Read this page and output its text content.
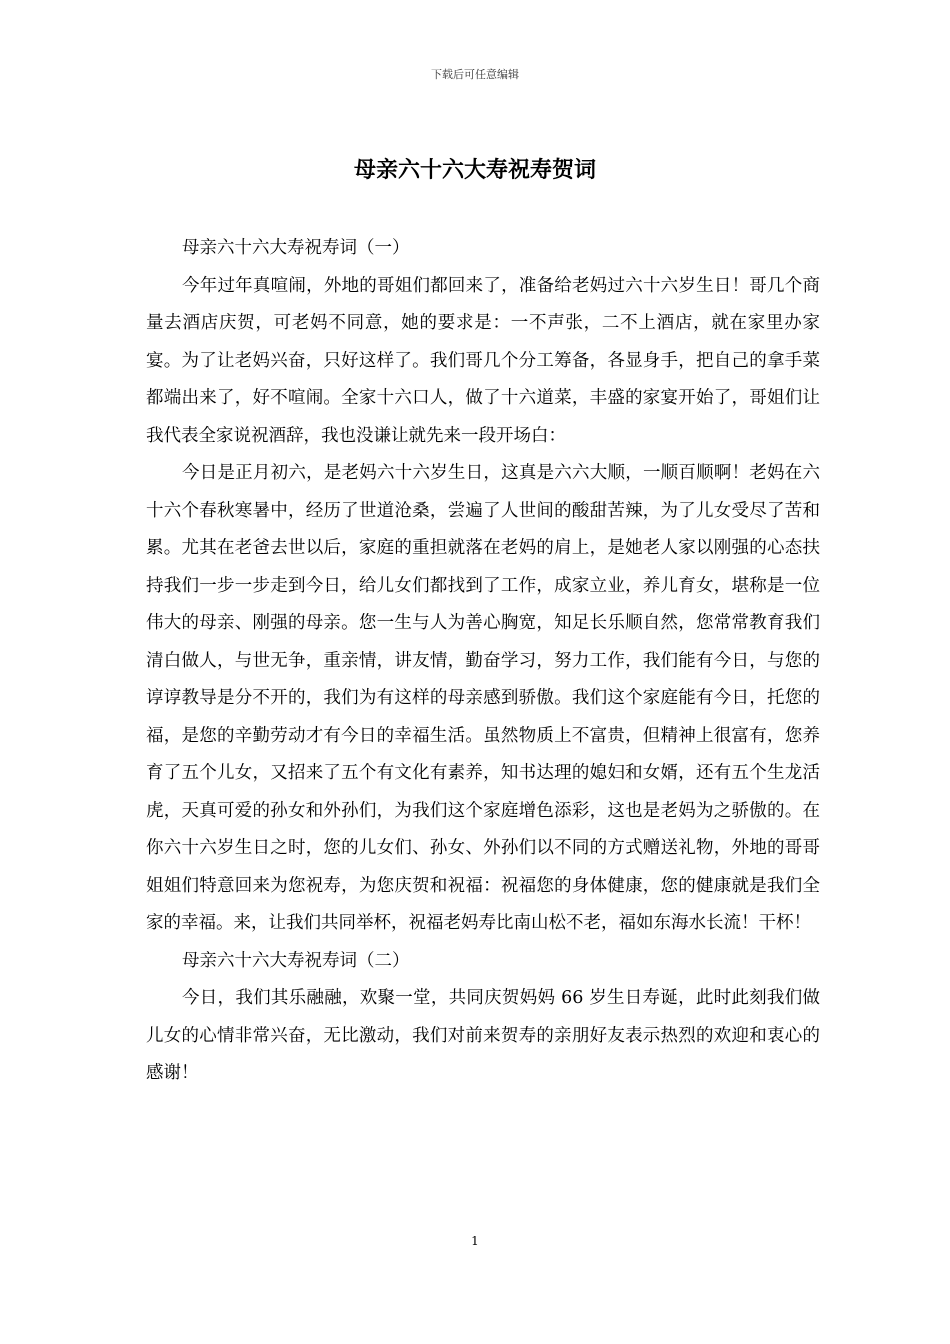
下载后可任意编辑
母亲六十六大寿祝寿贺词

母亲六十六大寿祝寿词（一）

今年过年真喧闹，外地的哥姐们都回来了，准备给老妈过六十六岁生日！哥几个商量去酒店庆贺，可老妈不同意，她的要求是：一不声张，二不上酒店，就在家里办家宴。为了让老妈兴奋，只好这样了。我们哥几个分工筹备，各显身手，把自己的拿手菜都端出来了，好不喧闹。全家十六口人，做了十六道菜，丰盛的家宴开始了，哥姐们让我代表全家说祝酒辞，我也没谦让就先来一段开场白：

今日是正月初六，是老妈六十六岁生日，这真是六六大顺，一顺百顺啊！老妈在六十六个春秋寒暑中，经历了世道沧桑，尝遍了人世间的酸甜苦辣，为了儿女受尽了苦和累。尤其在老爸去世以后，家庭的重担就落在老妈的肩上，是她老人家以刚强的心态扶持我们一步一步走到今日，给儿女们都找到了工作，成家立业，养儿育女，堪称是一位伟大的母亲、刚强的母亲。您一生与人为善心胸宽，知足长乐顺自然，您常常教育我们清白做人，与世无争，重亲情，讲友情，勤奋学习，努力工作，我们能有今日，与您的谆谆教导是分不开的，我们为有这样的母亲感到骄傲。我们这个家庭能有今日，托您的福，是您的辛勤劳动才有今日的幸福生活。虽然物质上不富贵，但精神上很富有，您养育了五个儿女，又招来了五个有文化有素养，知书达理的媳妇和女婿，还有五个生龙活虎，天真可爱的孙女和外孙们，为我们这个家庭增色添彩，这也是老妈为之骄傲的。在你六十六岁生日之时，您的儿女们、孙女、外孙们以不同的方式赠送礼物，外地的哥哥姐姐们特意回来为您祝寿，为您庆贺和祝福：祝福您的身体健康，您的健康就是我们全家的幸福。来，让我们共同举杯，祝福老妈寿比南山松不老，福如东海水长流！干杯！

母亲六十六大寿祝寿词（二）

今日，我们其乐融融，欢聚一堂，共同庆贺妈妈 66 岁生日寿诞，此时此刻我们做儿女的心情非常兴奋，无比激动，我们对前来贺寿的亲朋好友表示热烈的欢迎和衷心的感谢！

1
